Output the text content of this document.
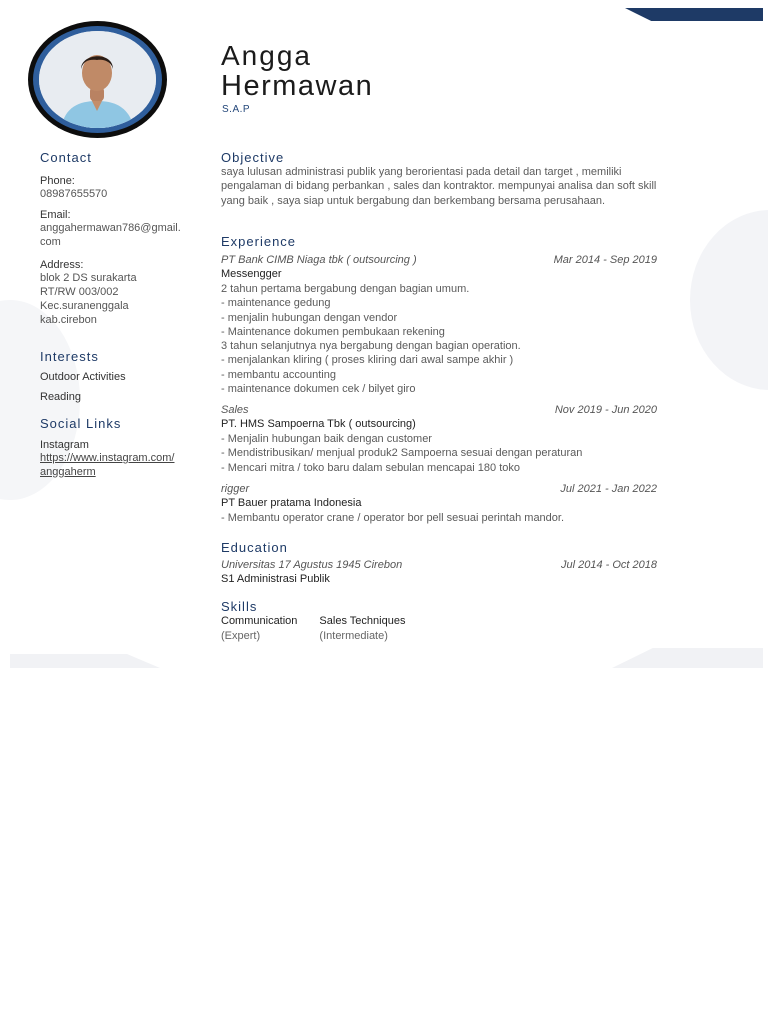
Angga
Hermawan
S.A.P
Contact
Phone:
08987655570
Email:
anggahermawan786@gmail.com
Address:
blok 2 DS surakarta
RT/RW 003/002
Kec.suranenggala
kab.cirebon
Interests
Outdoor Activities
Reading
Social Links
Instagram
https://www.instagram.com/anggaherm
Objective
saya lulusan administrasi publik yang berorientasi pada detail dan target , memiliki pengalaman di bidang perbankan , sales dan kontraktor. mempunyai analisa dan soft skill yang baik , saya siap untuk bergabung dan berkembang bersama perusahaan.
Experience
PT Bank CIMB Niaga tbk ( outsourcing )	Mar 2014 - Sep 2019
Messengger
2 tahun pertama bergabung dengan bagian umum.
- maintenance gedung
- menjalin hubungan dengan vendor
- Maintenance dokumen pembukaan rekening
3 tahun selanjutnya nya bergabung dengan bagian operation.
- menjalankan kliring ( proses kliring dari awal sampe akhir )
- membantu accounting
- maintenance dokumen cek / bilyet giro
Sales	Nov 2019 - Jun 2020
PT. HMS Sampoerna Tbk ( outsourcing)
- Menjalin hubungan baik dengan customer
- Mendistribusikan/ menjual produk2 Sampoerna sesuai dengan peraturan
- Mencari mitra / toko baru dalam sebulan mencapai 180 toko
rigger	Jul 2021 - Jan 2022
PT Bauer pratama Indonesia
- Membantu operator crane / operator bor pell sesuai perintah mandor.
Education
Universitas 17 Agustus 1945 Cirebon	Jul 2014 - Oct 2018
S1 Administrasi Publik
Skills
Communication
(Expert)
Sales Techniques
(Intermediate)
